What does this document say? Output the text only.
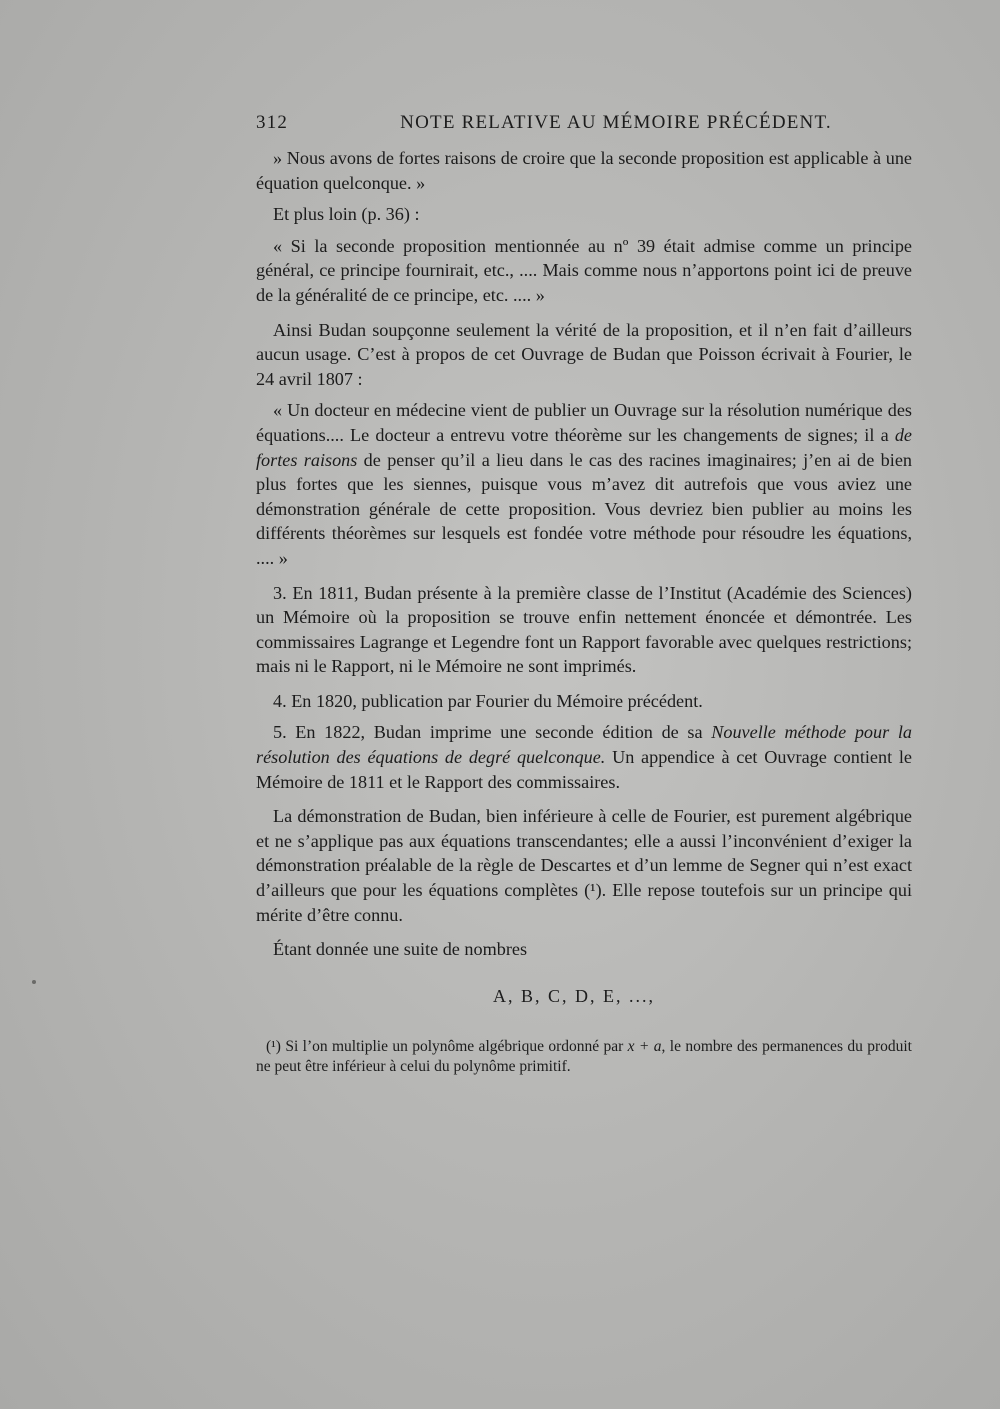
312	NOTE RELATIVE AU MÉMOIRE PRÉCÉDENT.

» Nous avons de fortes raisons de croire que la seconde proposition est applicable à une équation quelconque. »

Et plus loin (p. 36) :

« Si la seconde proposition mentionnée au nº 39 était admise comme un principe général, ce principe fournirait, etc., .... Mais comme nous n’apportons point ici de preuve de la généralité de ce principe, etc. .... »

Ainsi Budan soupçonne seulement la vérité de la proposition, et il n’en fait d’ailleurs aucun usage. C’est à propos de cet Ouvrage de Budan que Poisson écrivait à Fourier, le 24 avril 1807 :

« Un docteur en médecine vient de publier un Ouvrage sur la résolution numérique des équations.... Le docteur a entrevu votre théorème sur les changements de signes; il a de fortes raisons de penser qu’il a lieu dans le cas des racines imaginaires; j’en ai de bien plus fortes que les siennes, puisque vous m’avez dit autrefois que vous aviez une démonstration générale de cette proposition. Vous devriez bien publier au moins les différents théorèmes sur lesquels est fondée votre méthode pour résoudre les équations, .... »

3. En 1811, Budan présente à la première classe de l’Institut (Académie des Sciences) un Mémoire où la proposition se trouve enfin nettement énoncée et démontrée. Les commissaires Lagrange et Legendre font un Rapport favorable avec quelques restrictions; mais ni le Rapport, ni le Mémoire ne sont imprimés.

4. En 1820, publication par Fourier du Mémoire précédent.

5. En 1822, Budan imprime une seconde édition de sa Nouvelle méthode pour la résolution des équations de degré quelconque. Un appendice à cet Ouvrage contient le Mémoire de 1811 et le Rapport des commissaires.

La démonstration de Budan, bien inférieure à celle de Fourier, est purement algébrique et ne s’applique pas aux équations transcendantes; elle a aussi l’inconvénient d’exiger la démonstration préalable de la règle de Descartes et d’un lemme de Segner qui n’est exact d’ailleurs que pour les équations complètes (¹). Elle repose toutefois sur un principe qui mérite d’être connu.

Étant donnée une suite de nombres

A, B, C, D, E, ...,

(¹) Si l’on multiplie un polynôme algébrique ordonné par x + a, le nombre des permanences du produit ne peut être inférieur à celui du polynôme primitif.
